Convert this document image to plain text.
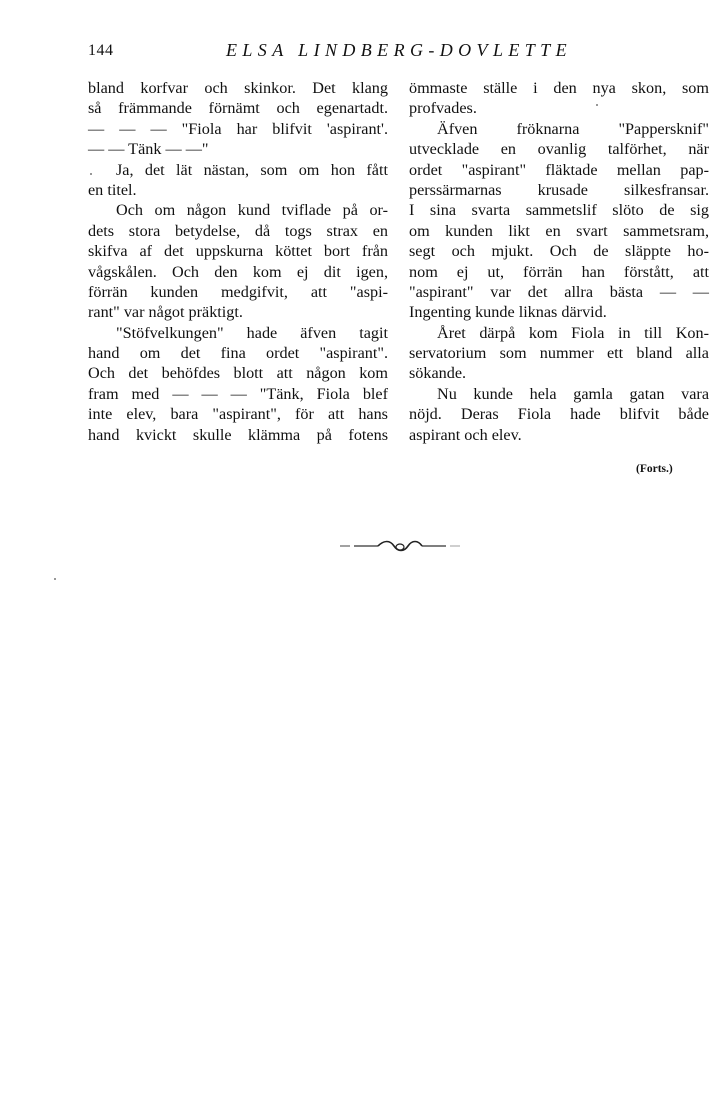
144	ELSA LINDBERG-DOVLETTE
bland korfvar och skinkor. Det klang
så främmande förnämt och egenartadt.
— — — "Fiola har blifvit 'aspirant'.
— — Tänk — —"
Ja, det lät nästan, som om hon fått
en titel.
Och om någon kund tviflade på or-
dets stora betydelse, då togs strax en
skifva af det uppskurna köttet bort från
vågskålen. Och den kom ej dit igen,
förrän kunden medgifvit, att "aspi-
rant" var något präktigt.
"Stöfvelkungen" hade äfven tagit
hand om det fina ordet "aspirant".
Och det behöfdes blott att någon kom
fram med — — — "Tänk, Fiola blef
inte elev, bara "aspirant", för att hans
hand kvickt skulle klämma på fotens
ömmaste ställe i den nya skon, som
profvades.
Äfven fröknarna "Pappersknif"
utvecklade en ovanlig talförhet, när
ordet "aspirant" fläktade mellan pap-
perssärmarnas krusade silkesfransar.
I sina svarta sammetslif slöto de sig
om kunden likt en svart sammetsram,
segt och mjukt. Och de släppte ho-
nom ej ut, förrän han förstått, att
"aspirant" var det allra bästa — —
Ingenting kunde liknas därvid.
Året därpå kom Fiola in till Kon-
servatorium som nummer ett bland alla
sökande.
Nu kunde hela gamla gatan vara
nöjd. Deras Fiola hade blifvit både
aspirant och elev.
(Forts.)
